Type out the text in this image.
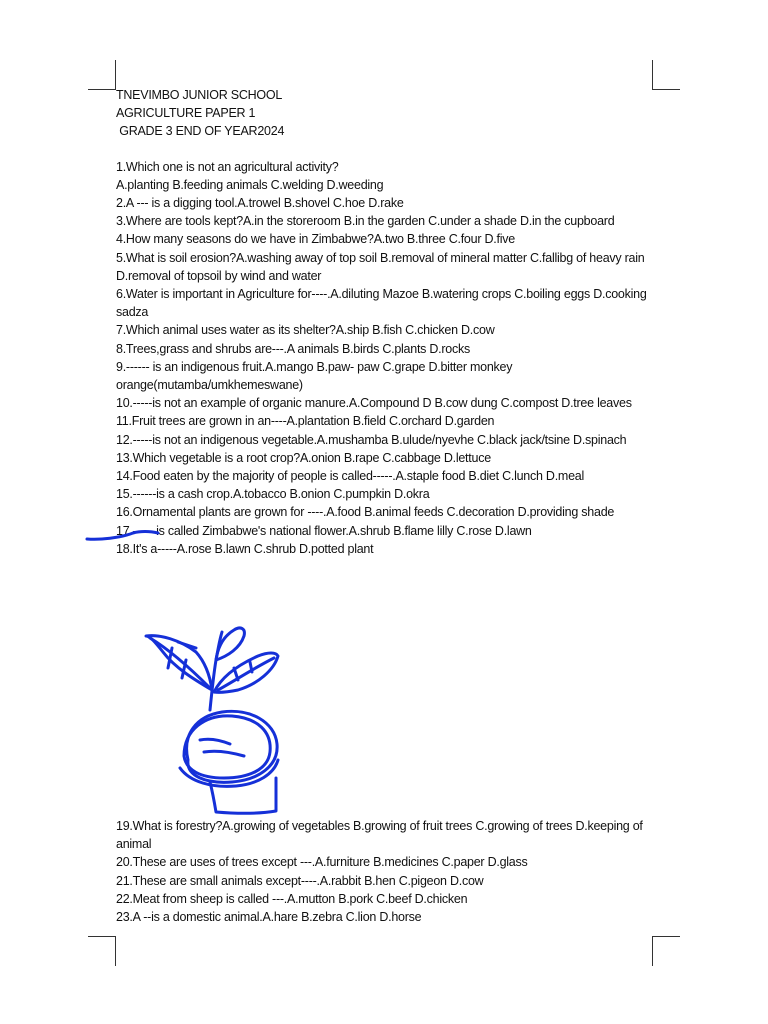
TNEVIMBO JUNIOR SCHOOL
AGRICULTURE PAPER 1
GRADE 3 END OF YEAR2024
1.Which one is not an agricultural activity?
A.planting B.feeding animals C.welding D.weeding
2.A --- is a digging tool.A.trowel B.shovel C.hoe D.rake
3.Where are tools kept?A.in the storeroom B.in the garden C.under a shade D.in the cupboard
4.How many seasons do we have in Zimbabwe?A.two B.three C.four D.five
5.What is soil erosion?A.washing away of top soil B.removal of mineral matter C.fallibg of heavy rain D.removal of topsoil by wind and water
6.Water is important in Agriculture for----.A.diluting Mazoe B.watering crops C.boiling eggs D.cooking sadza
7.Which animal uses water as its shelter?A.ship B.fish C.chicken D.cow
8.Trees,grass and shrubs are---.A animals B.birds C.plants D.rocks
9.------ is an indigenous fruit.A.mango B.paw- paw C.grape D.bitter monkey orange(mutamba/umkhemeswane)
10.-----is not an example of organic manure.A.Compound D B.cow dung C.compost D.tree leaves
11.Fruit trees are grown in an----A.plantation B.field C.orchard D.garden
12.-----is not an indigenous vegetable.A.mushamba B.ulude/nyevhe C.black jack/tsine D.spinach
13.Which vegetable is a root crop?A.onion B.rape C.cabbage D.lettuce
14.Food eaten by the majority of people is called-----.A.staple food B.diet C.lunch D.meal
15.------is a cash crop.A.tobacco B.onion C.pumpkin D.okra
16.Ornamental plants are grown for ----.A.food B.animal feeds C.decoration D.providing shade
17.------is called Zimbabwe's national flower.A.shrub B.flame lilly C.rose D.lawn
18.It's a-----A.rose B.lawn C.shrub D.potted plant
19.What is forestry?A.growing of vegetables B.growing of fruit trees C.growing of trees D.keeping of animal
20.These are uses of trees except ---.A.furniture B.medicines C.paper D.glass
21.These are small animals except----.A.rabbit B.hen C.pigeon D.cow
22.Meat from sheep is called ---.A.mutton B.pork C.beef D.chicken
23.A --is a domestic animal.A.hare B.zebra C.lion D.horse
